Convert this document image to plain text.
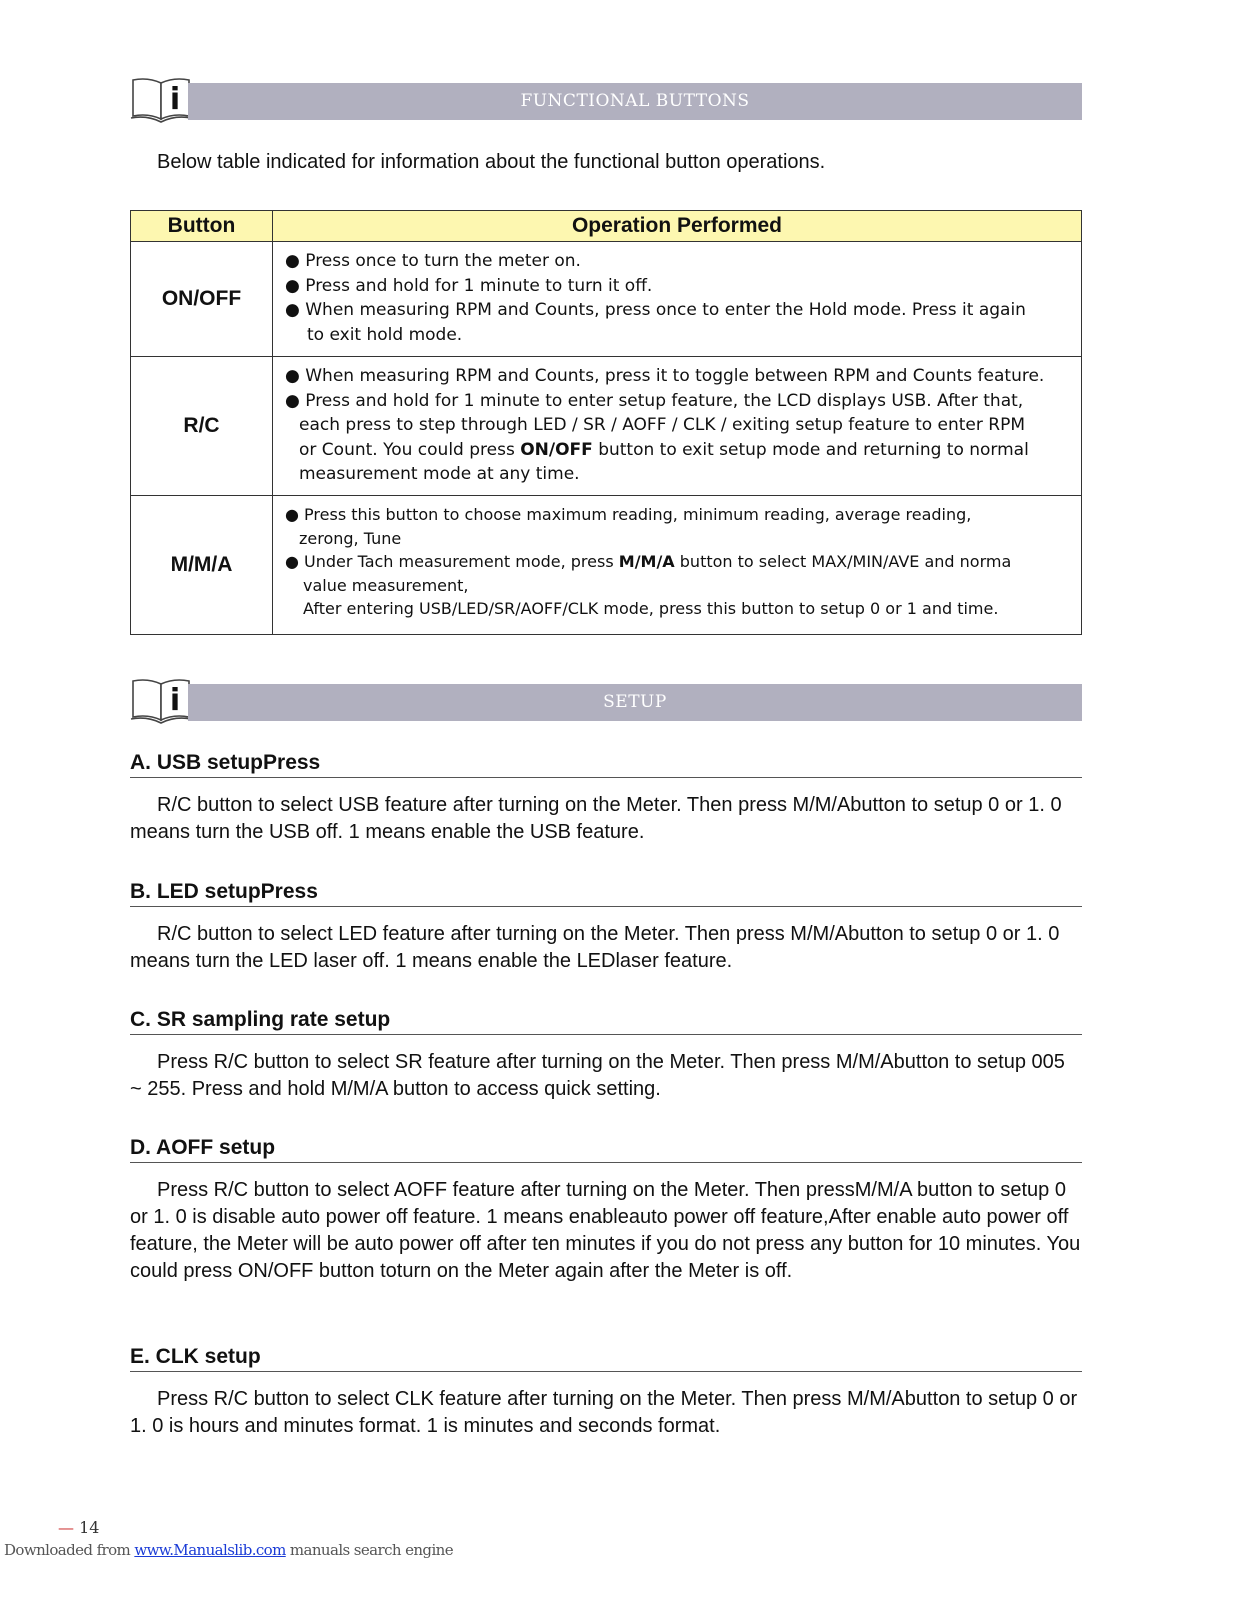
i	FUNCTIONAL BUTTONS
Below table indicated for information about the functional button operations.
Button	Operation Performed
ON/OFF	● Press once to turn the meter on.
● Press and hold for 1 minute to turn it off.
● When measuring RPM and Counts, press once to enter the Hold mode. Press it again
to exit hold mode.

R/C	● When measuring RPM and Counts, press it to toggle between RPM and Counts feature.
● Press and hold for 1 minute to enter setup feature, the LCD displays USB. After that,
each press to step through LED / SR / AOFF / CLK / exiting setup feature to enter RPM
or Count. You could press ON/OFF button to exit setup mode and returning to normal
measurement mode at any time.

M/M/A	● Press this button to choose maximum reading, minimum reading, average reading,
zerong, Tune
● Under Tach measurement mode, press M/M/A button to select MAX/MIN/AVE and norma
value measurement,
After entering USB/LED/SR/AOFF/CLK mode, press this button to setup 0 or 1 and time.
i	SETUP
A. USB setupPress

R/C button to select USB feature after turning on the Meter. Then press M/M/Abutton to setup 0 or 1. 0 means turn the USB off. 1 means enable the USB feature.

B. LED setupPress

R/C button to select LED feature after turning on the Meter. Then press M/M/Abutton to setup 0 or 1. 0 means turn the LED laser off. 1 means enable the LEDlaser feature.

C. SR sampling rate setup

Press R/C button to select SR feature after turning on the Meter. Then press M/M/Abutton to setup 005 ~ 255. Press and hold M/M/A button to access quick setting.

D. AOFF setup

Press R/C button to select AOFF feature after turning on the Meter. Then pressM/M/A button to setup 0 or 1. 0 is disable auto power off feature. 1 means enableauto power off feature,After enable auto power off feature, the Meter will be auto power off after ten minutes if you do not press any button for 10 minutes. You could press ON/OFF button toturn on the Meter again after the Meter is off.

E. CLK setup

Press R/C button to select CLK feature after turning on the Meter. Then press M/M/Abutton to setup 0 or 1. 0 is hours and minutes format. 1 is minutes and seconds format.

— 14
Downloaded from www.Manualslib.com manuals search engine
